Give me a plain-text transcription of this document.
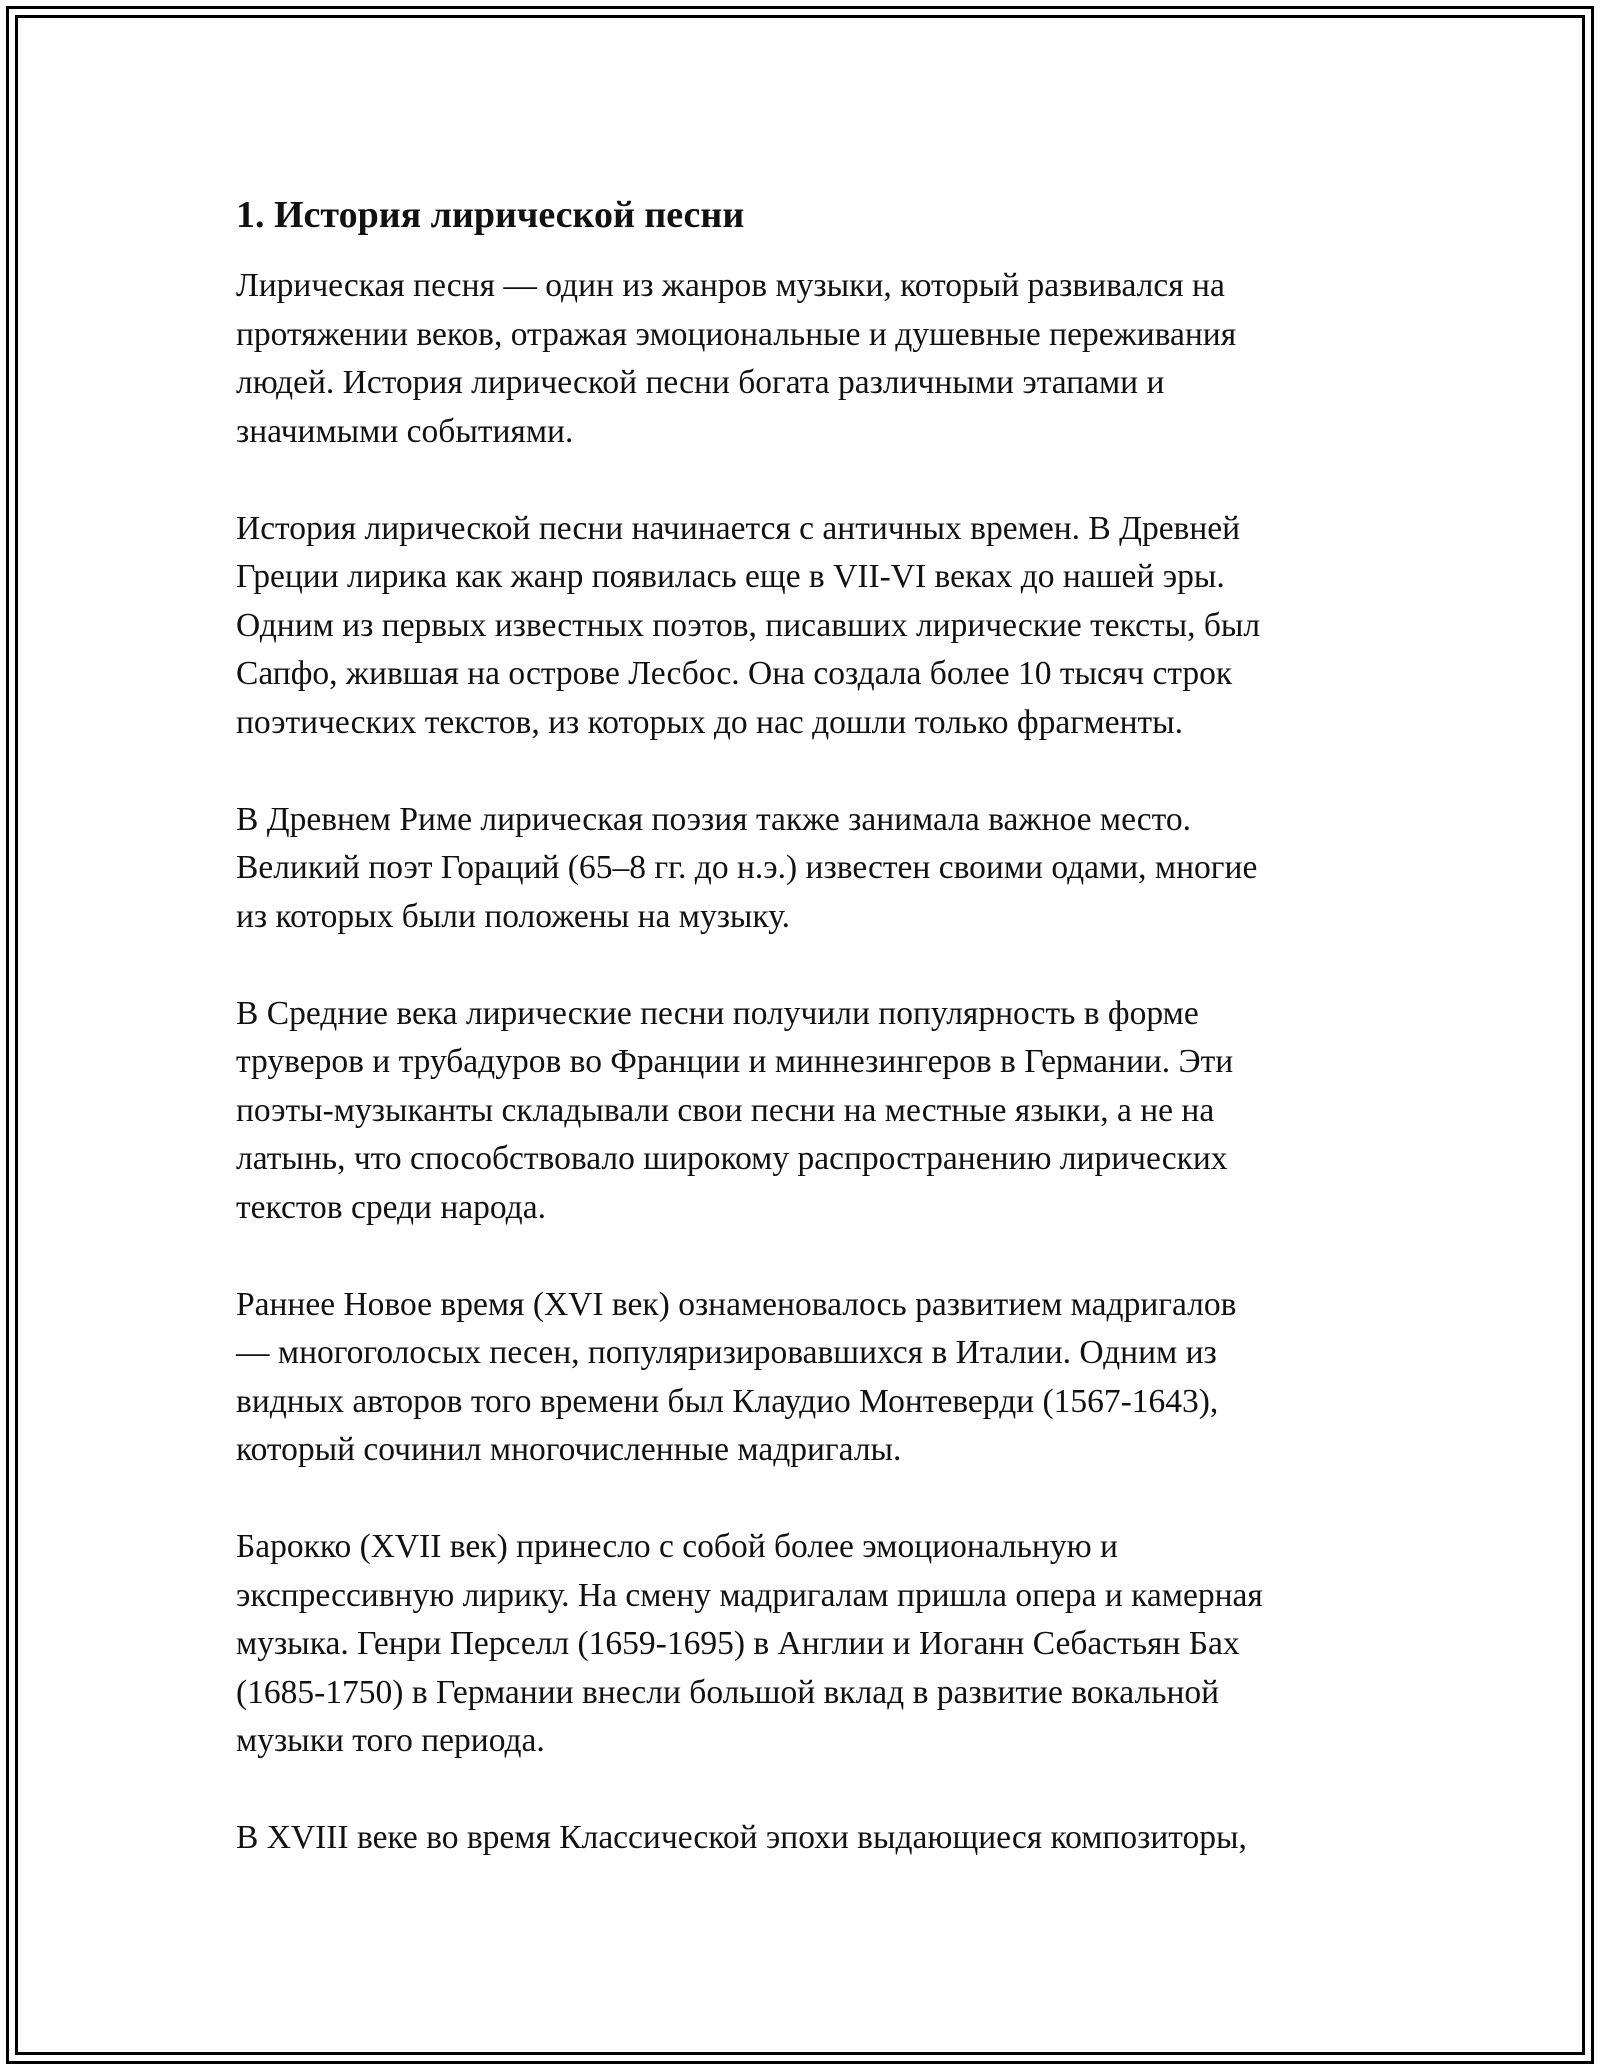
1. История лирической песни

Лирическая песня — один из жанров музыки, который развивался на
протяжении веков, отражая эмоциональные и душевные переживания
людей. История лирической песни богата различными этапами и
значимыми событиями.

История лирической песни начинается с античных времен. В Древней
Греции лирика как жанр появилась еще в VII-VI веках до нашей эры.
Одним из первых известных поэтов, писавших лирические тексты, был
Сапфо, жившая на острове Лесбос. Она создала более 10 тысяч строк
поэтических текстов, из которых до нас дошли только фрагменты.

В Древнем Риме лирическая поэзия также занимала важное место.
Великий поэт Гораций (65–8 гг. до н.э.) известен своими одами, многие
из которых были положены на музыку.

В Средние века лирические песни получили популярность в форме
труверов и трубадуров во Франции и миннезингеров в Германии. Эти
поэты-музыканты складывали свои песни на местные языки, а не на
латынь, что способствовало широкому распространению лирических
текстов среди народа.

Раннее Новое время (XVI век) ознаменовалось развитием мадригалов
— многоголосых песен, популяризировавшихся в Италии. Одним из
видных авторов того времени был Клаудио Монтеверди (1567-1643),
который сочинил многочисленные мадригалы.

Барокко (XVII век) принесло с собой более эмоциональную и
экспрессивную лирику. На смену мадригалам пришла опера и камерная
музыка. Генри Перселл (1659-1695) в Англии и Иоганн Себастьян Бах
(1685-1750) в Германии внесли большой вклад в развитие вокальной
музыки того периода.

В XVIII веке во время Классической эпохи выдающиеся композиторы,
